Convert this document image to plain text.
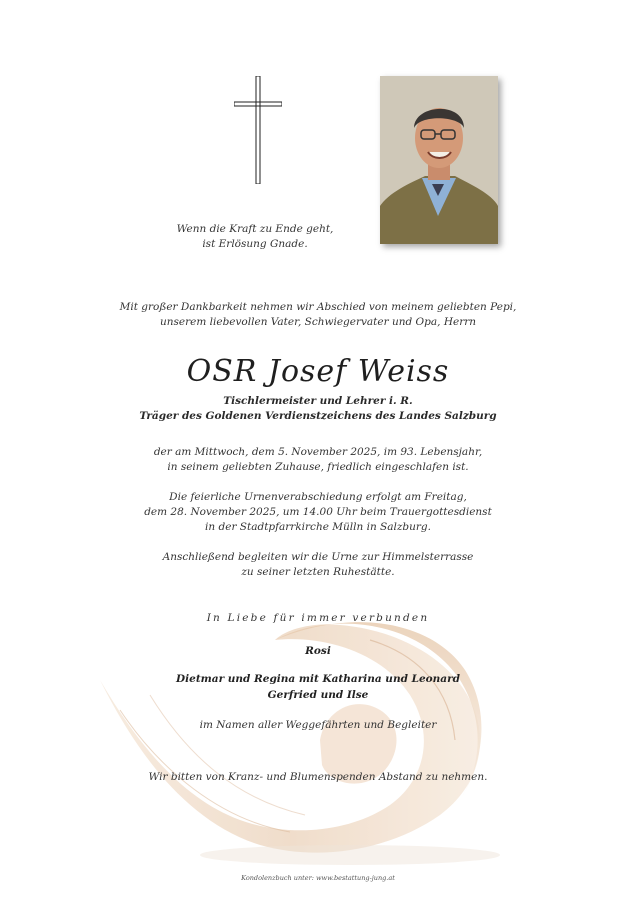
Wenn die Kraft zu Ende geht,
ist Erlösung Gnade.
Mit großer Dankbarkeit nehmen wir Abschied von meinem geliebten Pepi,
unserem liebevollen Vater, Schwiegervater und Opa, Herrn
OSR Josef Weiss
Tischlermeister und Lehrer i. R.
Träger des Goldenen Verdienstzeichens des Landes Salzburg
der am Mittwoch, dem 5. November 2025, im 93. Lebensjahr,
in seinem geliebten Zuhause, friedlich eingeschlafen ist.
Die feierliche Urnenverabschiedung erfolgt am Freitag,
dem 28. November 2025, um 14.00 Uhr beim Trauergottesdienst
in der Stadtpfarrkirche Mülln in Salzburg.
Anschließend begleiten wir die Urne zur Himmelsterrasse
zu seiner letzten Ruhestätte.
In Liebe für immer verbunden
Rosi
Dietmar und Regina mit Katharina und Leonard
Gerfried und Ilse
im Namen aller Weggefährten und Begleiter
Wir bitten von Kranz- und Blumenspenden Abstand zu nehmen.
Kondolenzbuch unter: www.bestattung-jung.at
